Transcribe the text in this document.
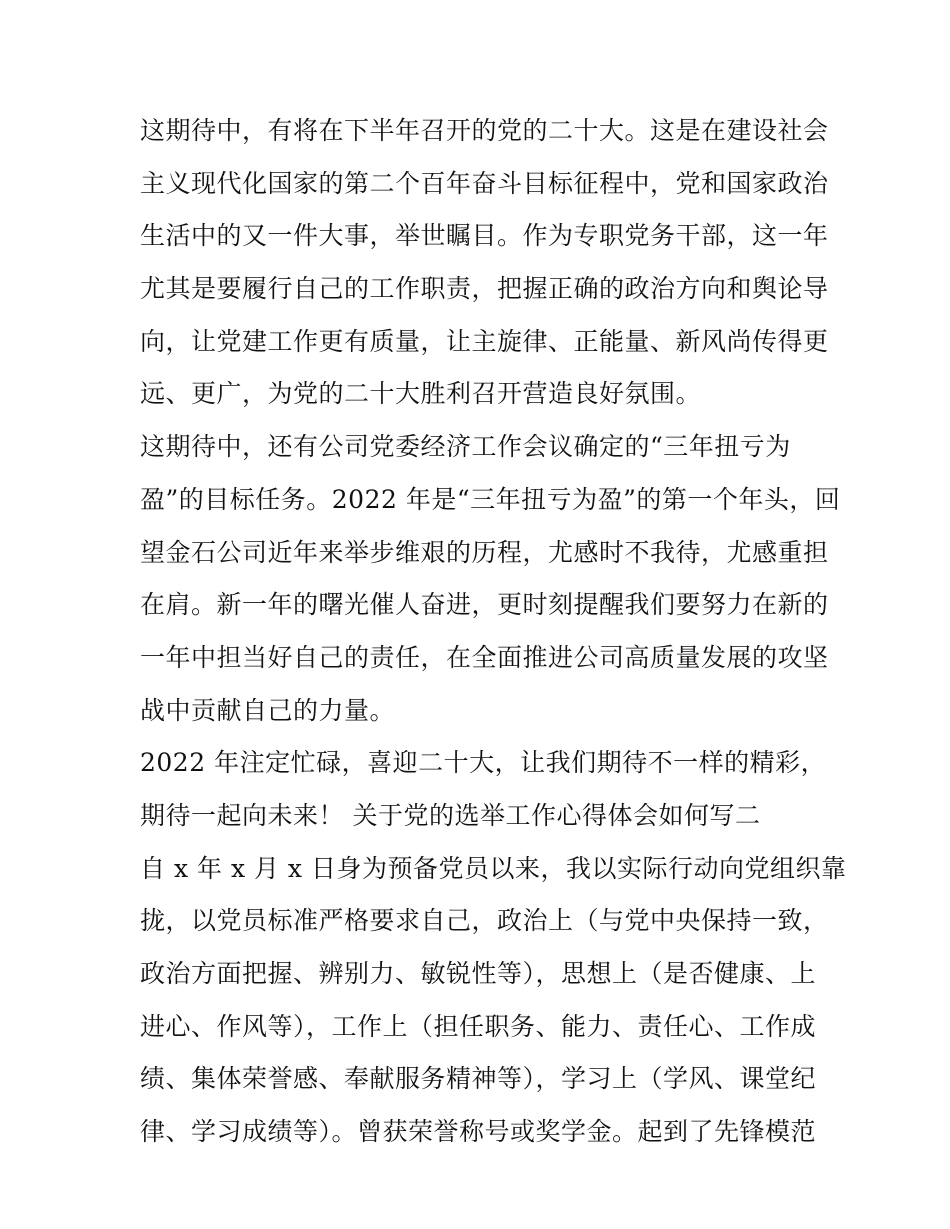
这期待中，有将在下半年召开的党的二十大。这是在建设社会
主义现代化国家的第二个百年奋斗目标征程中，党和国家政治
生活中的又一件大事，举世瞩目。作为专职党务干部，这一年
尤其是要履行自己的工作职责，把握正确的政治方向和舆论导
向，让党建工作更有质量，让主旋律、正能量、新风尚传得更
远、更广，为党的二十大胜利召开营造良好氛围。
这期待中，还有公司党委经济工作会议确定的“三年扭亏为
盈”的目标任务。2022 年是“三年扭亏为盈”的第一个年头，回
望金石公司近年来举步维艰的历程，尤感时不我待，尤感重担
在肩。新一年的曙光催人奋进，更时刻提醒我们要努力在新的
一年中担当好自己的责任，在全面推进公司高质量发展的攻坚
战中贡献自己的力量。
2022 年注定忙碌，喜迎二十大，让我们期待不一样的精彩，
期待一起向未来！ 关于党的选举工作心得体会如何写二
自 x 年 x 月 x 日身为预备党员以来，我以实际行动向党组织靠
拢，以党员标准严格要求自己，政治上（与党中央保持一致，
政治方面把握、辨别力、敏锐性等），思想上（是否健康、上
进心、作风等），工作上（担任职务、能力、责任心、工作成
绩、集体荣誉感、奉献服务精神等），学习上（学风、课堂纪
律、学习成绩等）。曾获荣誉称号或奖学金。起到了先锋模范
